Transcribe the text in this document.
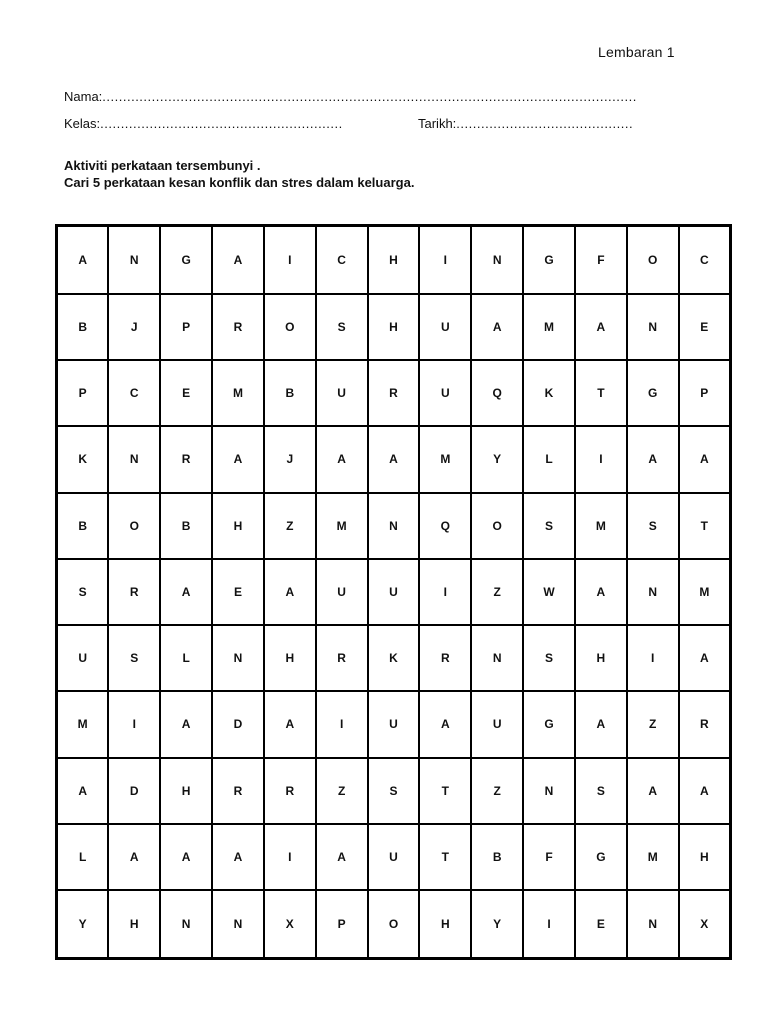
Lembaran 1
Nama:..................................................................................................................................
Kelas:...........................................................	Tarikh:...........................................
Aktiviti perkataan tersembunyi .
Cari 5 perkataan kesan konflik dan stres dalam keluarga.
A	N	G	A	I	C	H	I	N	G	F	O	C
B	J	P	R	O	S	H	U	A	M	A	N	E
P	C	E	M	B	U	R	U	Q	K	T	G	P
K	N	R	A	J	A	A	M	Y	L	I	A	A
B	O	B	H	Z	M	N	Q	O	S	M	S	T
S	R	A	E	A	U	U	I	Z	W	A	N	M
U	S	L	N	H	R	K	R	N	S	H	I	A
M	I	A	D	A	I	U	A	U	G	A	Z	R
A	D	H	R	R	Z	S	T	Z	N	S	A	A
L	A	A	A	I	A	U	T	B	F	G	M	H
Y	H	N	N	X	P	O	H	Y	I	E	N	X
